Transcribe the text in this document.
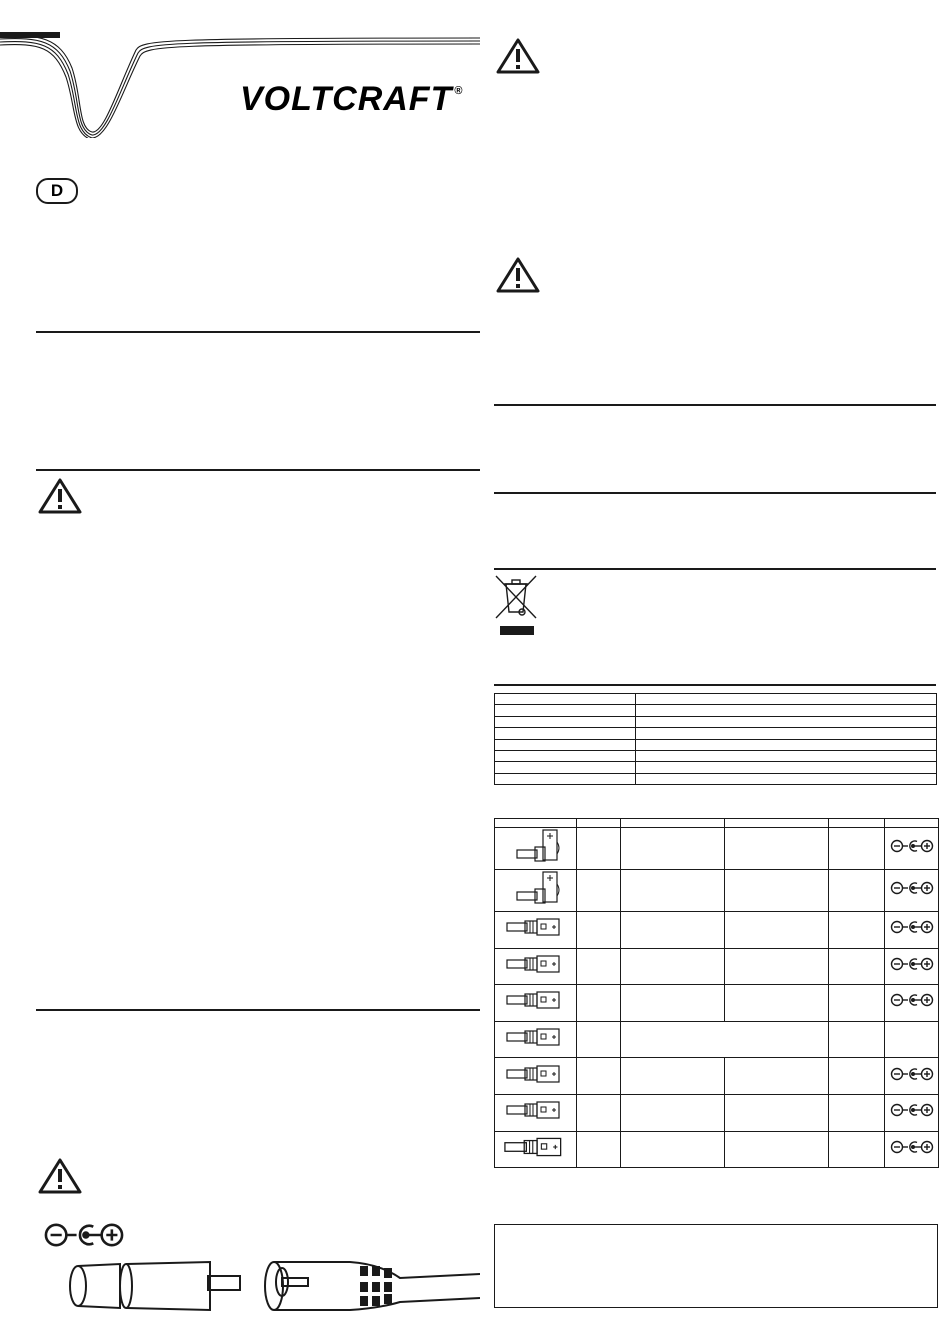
VOLTCRAFT ®
D
